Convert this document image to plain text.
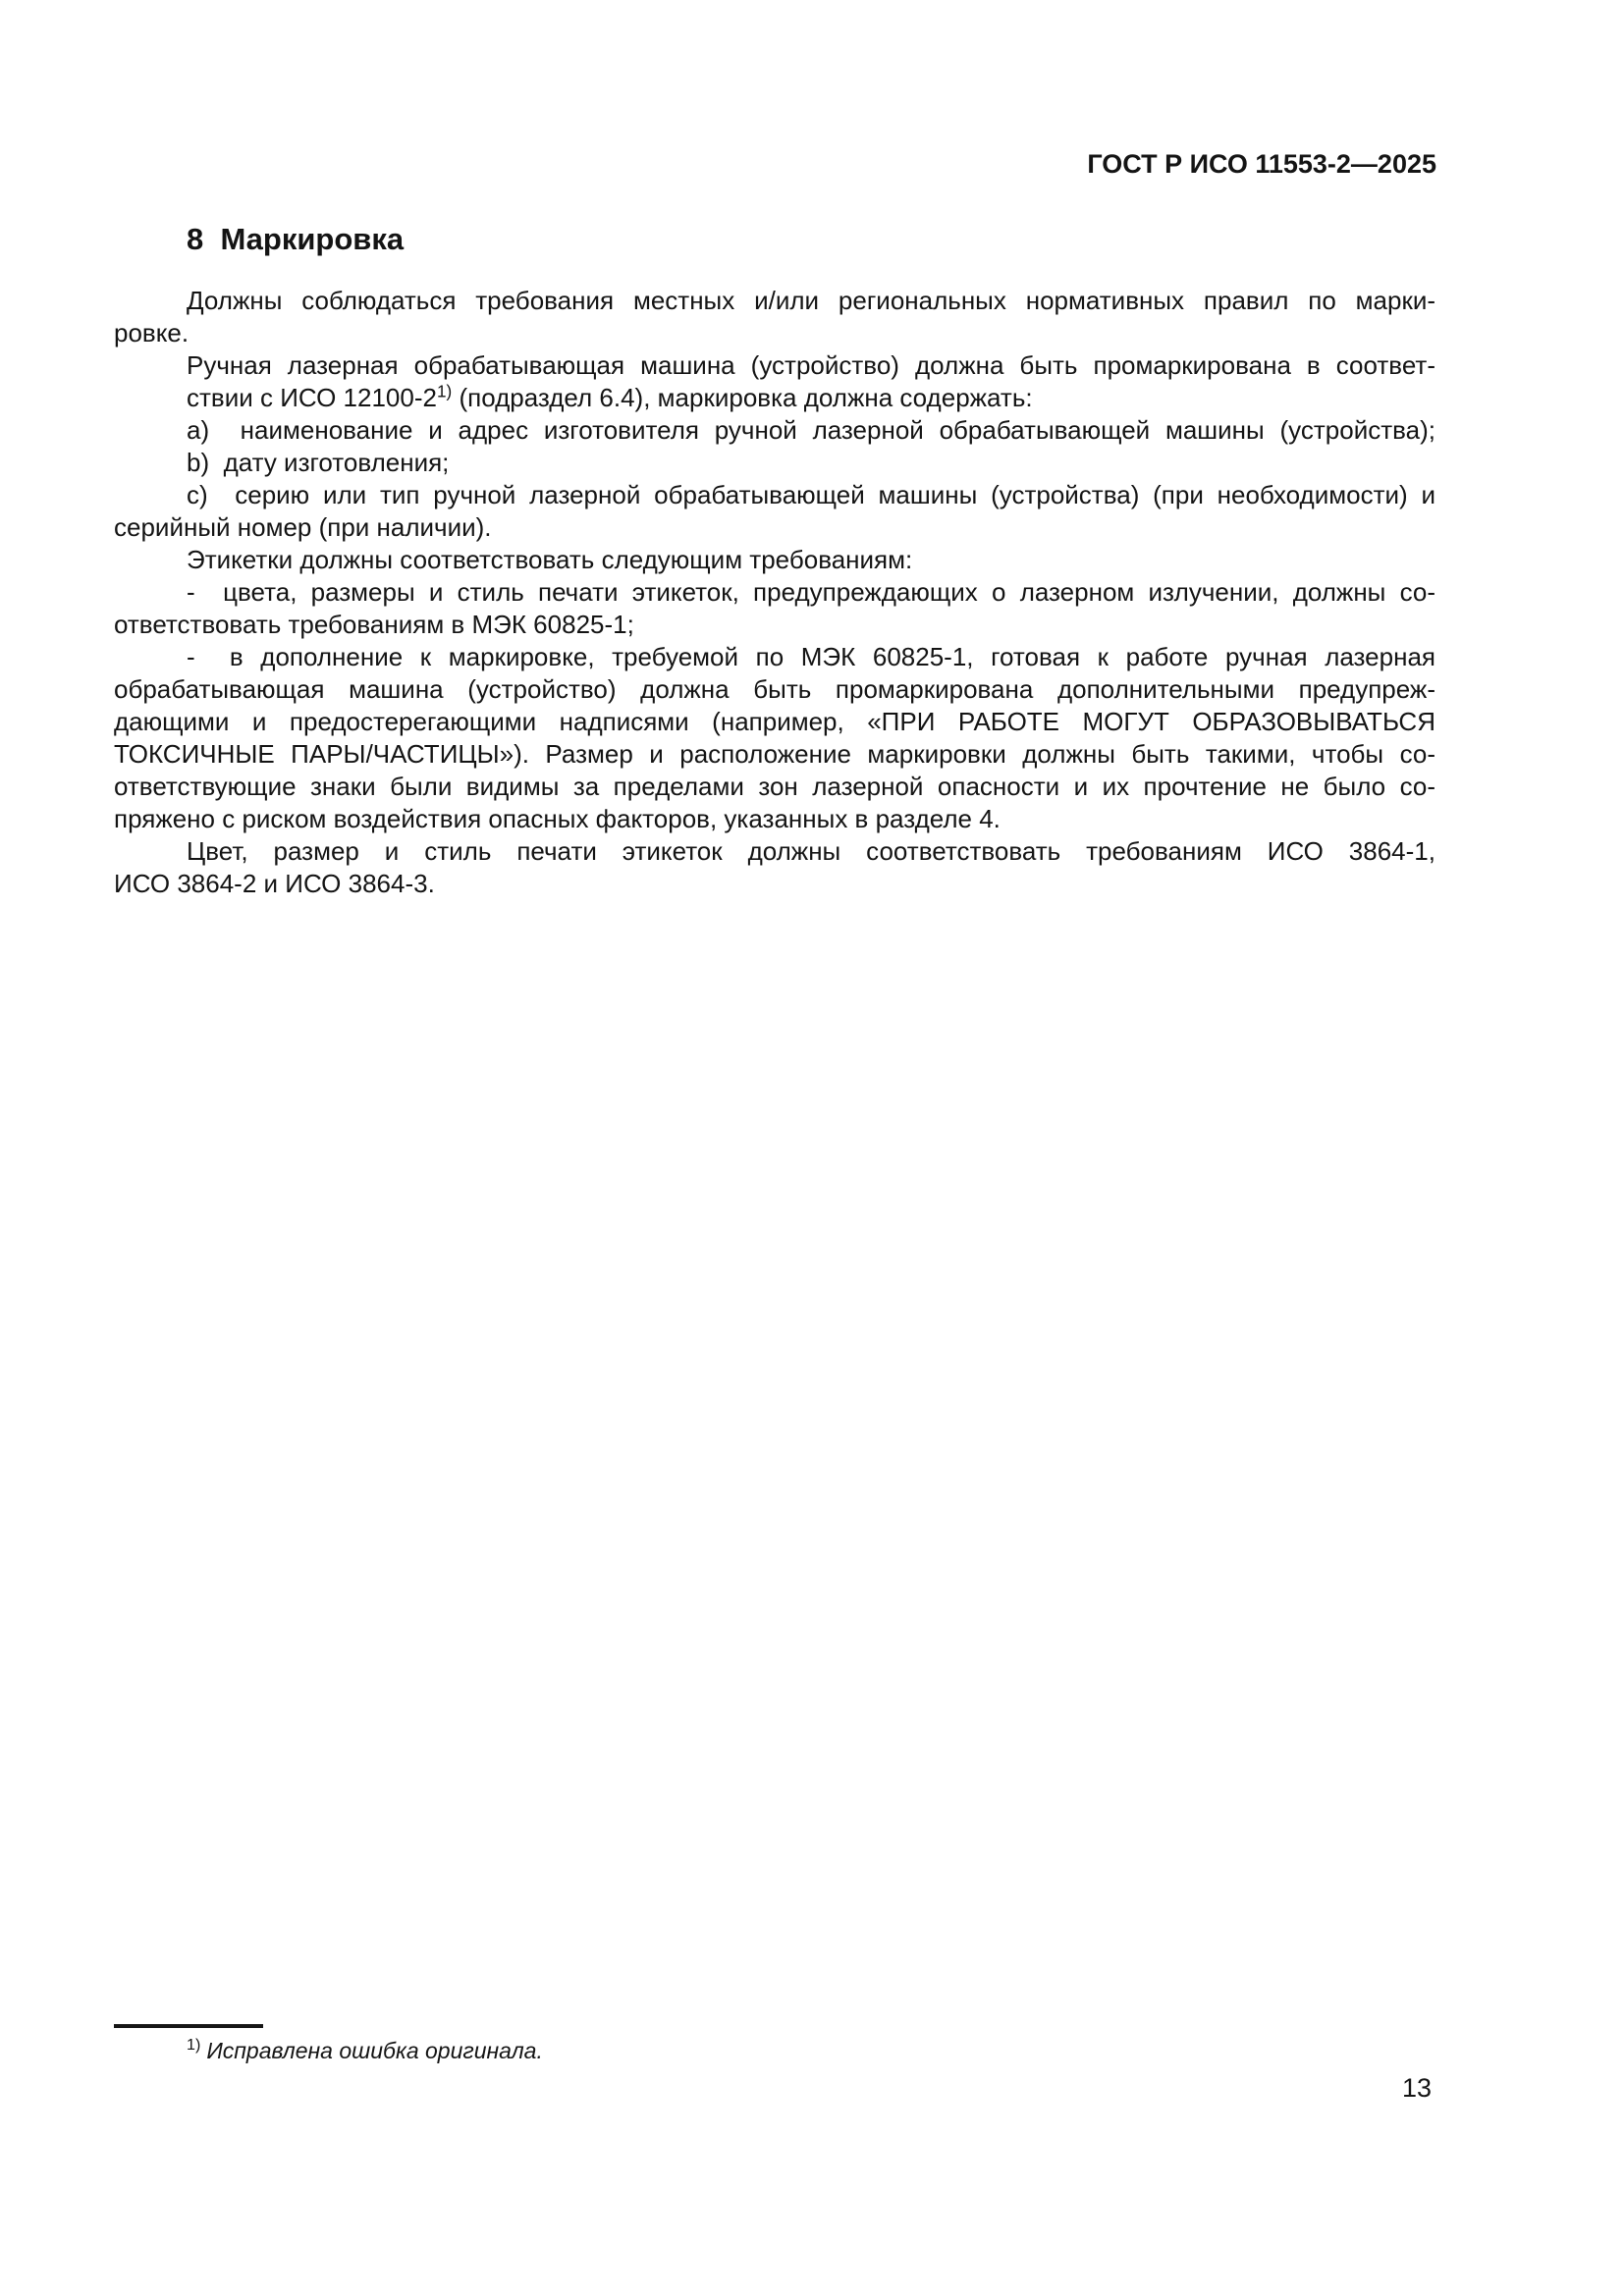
ГОСТ Р ИСО 11553-2—2025
8  Маркировка
Должны соблюдаться требования местных и/или региональных нормативных правил по марки-
ровке.
Ручная лазерная обрабатывающая машина (устройство) должна быть промаркирована в соответ-
ствии с ИСО 12100-2$^{1)}$ (подраздел 6.4), маркировка должна содержать:
a)  наименование и адрес изготовителя ручной лазерной обрабатывающей машины (устройства);
b)  дату изготовления;
c)  серию или тип ручной лазерной обрабатывающей машины (устройства) (при необходимости) и
серийный номер (при наличии).
Этикетки должны соответствовать следующим требованиям:
-  цвета, размеры и стиль печати этикеток, предупреждающих о лазерном излучении, должны со-
ответствовать требованиям в МЭК 60825-1;
-  в дополнение к маркировке, требуемой по МЭК 60825-1, готовая к работе ручная лазерная
обрабатывающая машина (устройство) должна быть промаркирована дополнительными предупреж-
дающими и предостерегающими надписями (например, «ПРИ РАБОТЕ МОГУТ ОБРАЗОВЫВАТЬСЯ
ТОКСИЧНЫЕ ПАРЫ/ЧАСТИЦЫ»). Размер и расположение маркировки должны быть такими, чтобы со-
ответствующие знаки были видимы за пределами зон лазерной опасности и их прочтение не было со-
пряжено с риском воздействия опасных факторов, указанных в разделе 4.
Цвет, размер и стиль печати этикеток должны соответствовать требованиям ИСО 3864-1,
ИСО 3864-2 и ИСО 3864-3.
$^{1)}$ Исправлена ошибка оригинала.
13
